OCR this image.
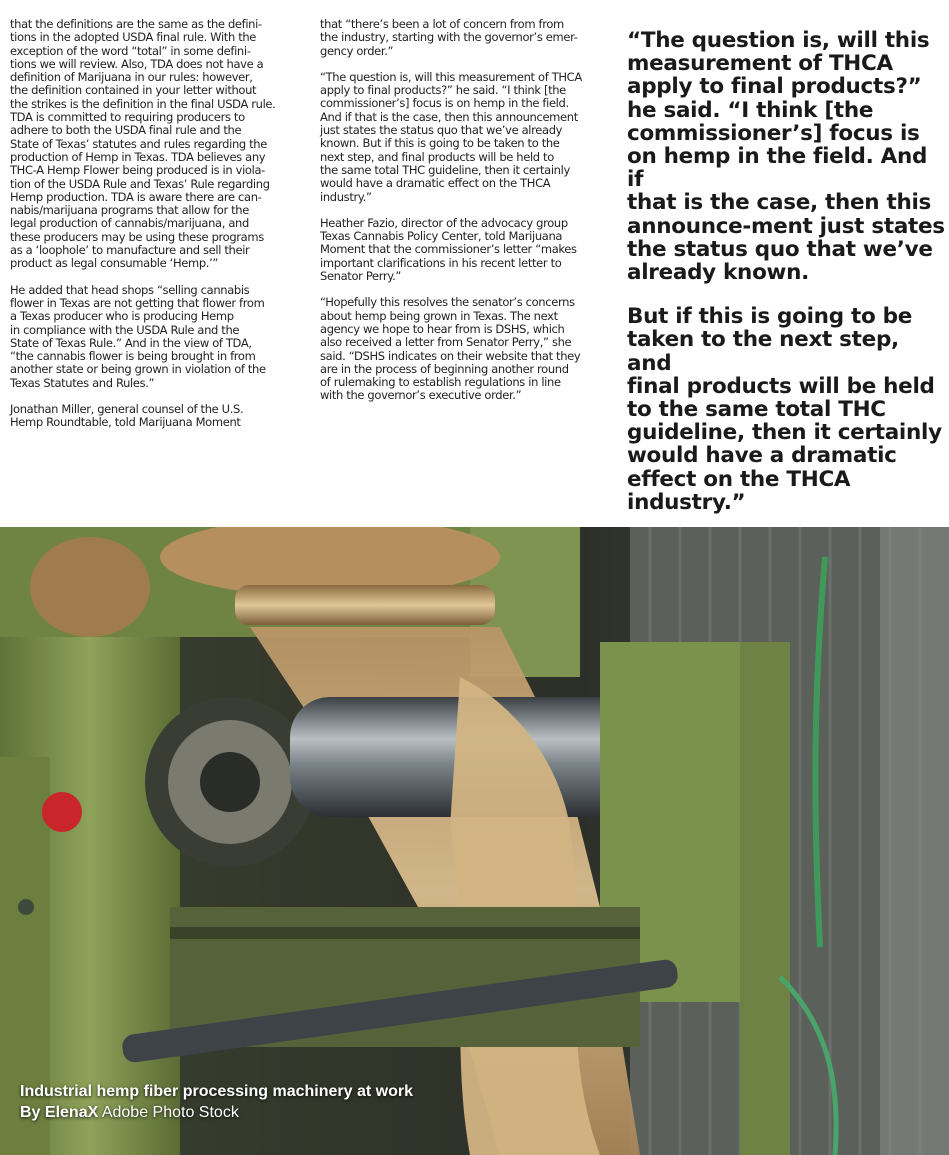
that the definitions are the same as the defini-
tions in the adopted USDA final rule. With the
exception of the word “total” in some defini-
tions we will review. Also, TDA does not have a
definition of Marijuana in our rules: however,
the definition contained in your letter without
the strikes is the definition in the final USDA rule.
TDA is committed to requiring producers to
adhere to both the USDA final rule and the
State of Texas’ statutes and rules regarding the
production of Hemp in Texas. TDA believes any
THC-A Hemp Flower being produced is in viola-
tion of the USDA Rule and Texas’ Rule regarding
Hemp production. TDA is aware there are can-
nabis/marijuana programs that allow for the
legal production of cannabis/marijuana, and
these producers may be using these programs
as a ‘loophole’ to manufacture and sell their
product as legal consumable ‘Hemp.’”

He added that head shops “selling cannabis
flower in Texas are not getting that flower from
a Texas producer who is producing Hemp
in compliance with the USDA Rule and the
State of Texas Rule.” And in the view of TDA,
“the cannabis flower is being brought in from
another state or being grown in violation of the
Texas Statutes and Rules.”

Jonathan Miller, general counsel of the U.S.
Hemp Roundtable, told Marijuana Moment

that “there’s been a lot of concern from from
the industry, starting with the governor’s emer-
gency order.”

“The question is, will this measurement of THCA
apply to final products?” he said. “I think [the
commissioner’s] focus is on hemp in the field.
And if that is the case, then this announcement
just states the status quo that we’ve already
known. But if this is going to be taken to the
next step, and final products will be held to
the same total THC guideline, then it certainly
would have a dramatic effect on the THCA
industry.”

Heather Fazio, director of the advocacy group
Texas Cannabis Policy Center, told Marijuana
Moment that the commissioner’s letter “makes
important clarifications in his recent letter to
Senator Perry.”

“Hopefully this resolves the senator’s concerns
about hemp being grown in Texas. The next
agency we hope to hear from is DSHS, which
also received a letter from Senator Perry,” she
said. “DSHS indicates on their website that they
are in the process of beginning another round
of rulemaking to establish regulations in line
with the governor’s executive order.”

“The question is, will this
measurement of THCA
apply to final products?”
he said. “I think [the
commissioner’s] focus is
on hemp in the field. And if
that is the case, then this
announce-ment just states
the status quo that we’ve
already known.

But if this is going to be
taken to the next step, and
final products will be held
to the same total THC
guideline, then it certainly
would have a dramatic
effect on the THCA
industry.”

Industrial hemp fiber processing machinery at work
By ElenaX Adobe Photo Stock
